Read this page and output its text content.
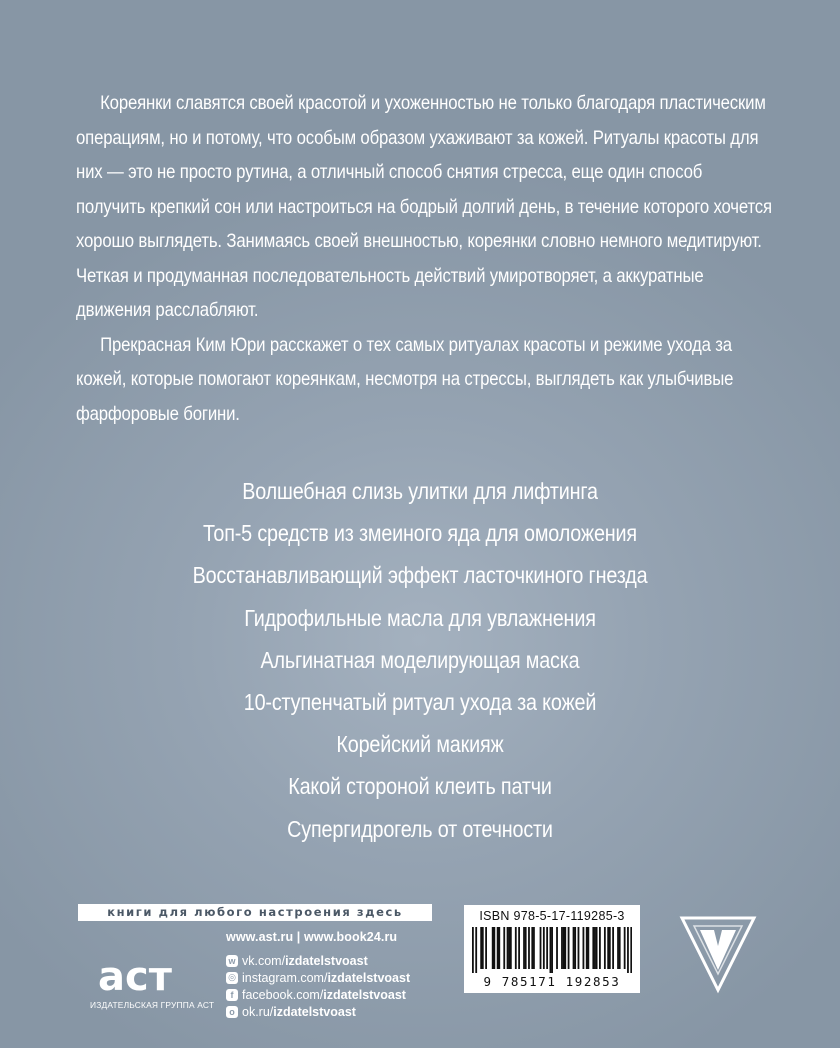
Кореянки славятся своей красотой и ухоженностью не только благодаря пластическим операциям, но и потому, что особым образом ухаживают за кожей. Ритуалы красоты для них — это не просто рутина, а отличный способ снятия стресса, еще один способ получить крепкий сон или настроиться на бодрый долгий день, в течение которого хочется хорошо выглядеть. Занимаясь своей внешностью, кореянки словно немного медитируют. Четкая и продуманная последовательность действий умиротворяет, а аккуратные движения расслабляют.

Прекрасная Ким Юри расскажет о тех самых ритуалах красоты и режиме ухода за кожей, которые помогают кореянкам, несмотря на стрессы, выглядеть как улыбчивые фарфоровые богини.

Волшебная слизь улитки для лифтинга
Топ-5 средств из змеиного яда для омоложения
Восстанавливающий эффект ласточкиного гнезда
Гидрофильные масла для увлажнения
Альгинатная моделирующая маска
10-ступенчатый ритуал ухода за кожей
Корейский макияж
Какой стороной клеить патчи
Супергидрогель от отечности
книги для любого настроения здесь
аст
ИЗДАТЕЛЬСКАЯ ГРУППА АСТ
www.ast.ru | www.book24.ru
w vk.com/ izdatelstvoast
◎ instagram.com/ izdatelstvoast
f facebook.com/ izdatelstvoast
o ok.ru/ izdatelstvoast
ISBN 978-5-17-119285-3
9 785171 192853
